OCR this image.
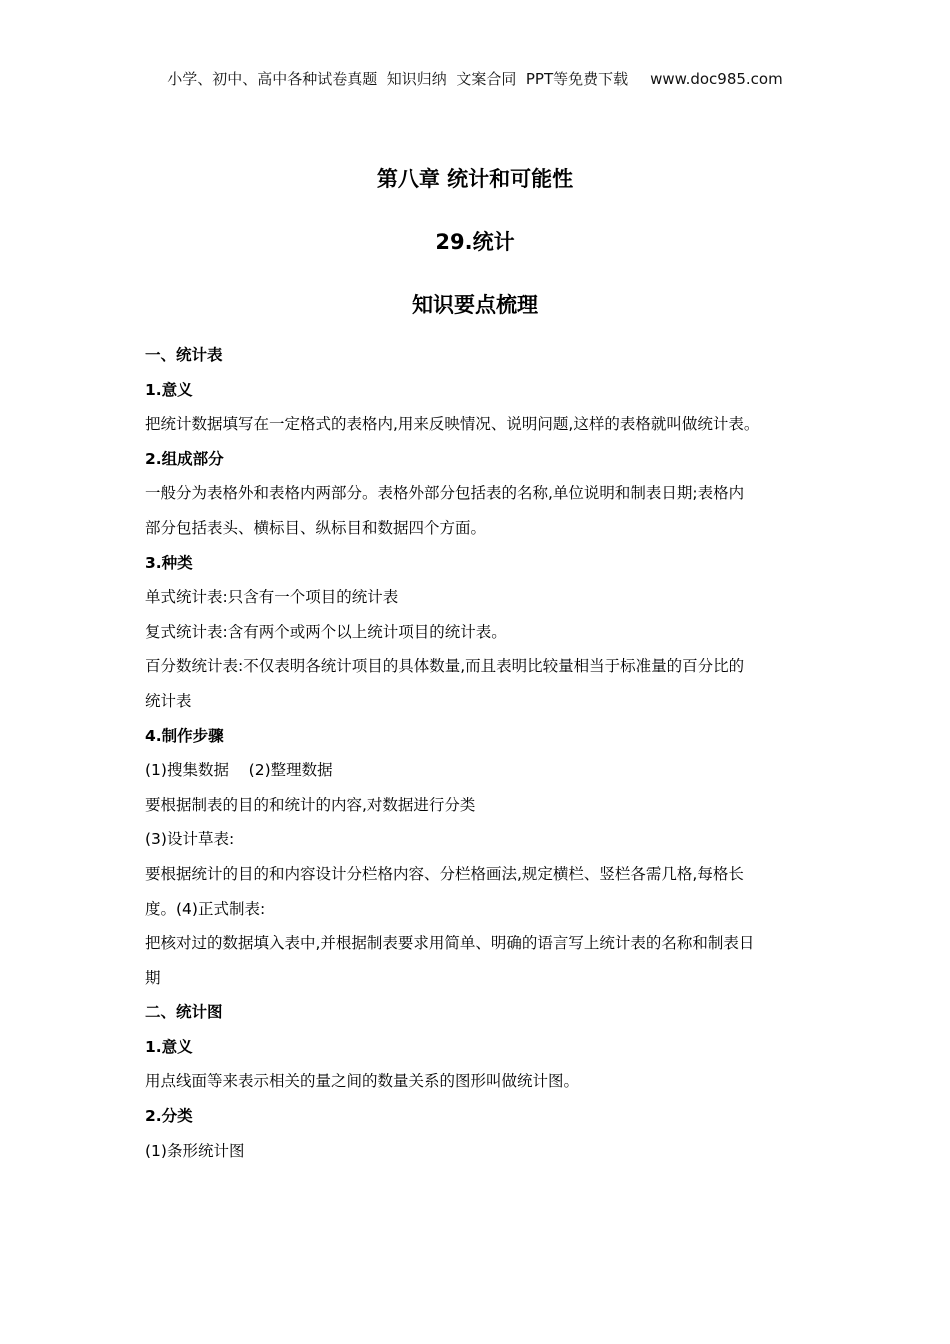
小学、初中、高中各种试卷真题  知识归纳  文案合同  PPT等免费下载 www.doc985.com
第八章 统计和可能性
29.统计
知识要点梳理

一、统计表

1.意义

把统计数据填写在一定格式的表格内,用来反映情况、说明问题,这样的表格就叫做统计表。

2.组成部分

一般分为表格外和表格内两部分。表格外部分包括表的名称,单位说明和制表日期;表格内

部分包括表头、横标目、纵标目和数据四个方面。

3.种类

单式统计表:只含有一个项目的统计表

复式统计表:含有两个或两个以上统计项目的统计表。

百分数统计表:不仅表明各统计项目的具体数量,而且表明比较量相当于标准量的百分比的

统计表

4.制作步骤

(1)搜集数据    (2)整理数据

要根据制表的目的和统计的内容,对数据进行分类

(3)设计草表:

要根据统计的目的和内容设计分栏格内容、分栏格画法,规定横栏、竖栏各需几格,每格长

度。(4)正式制表:

把核对过的数据填入表中,并根据制表要求用简单、明确的语言写上统计表的名称和制表日

期

二、统计图

1.意义

用点线面等来表示相关的量之间的数量关系的图形叫做统计图。

2.分类

(1)条形统计图
